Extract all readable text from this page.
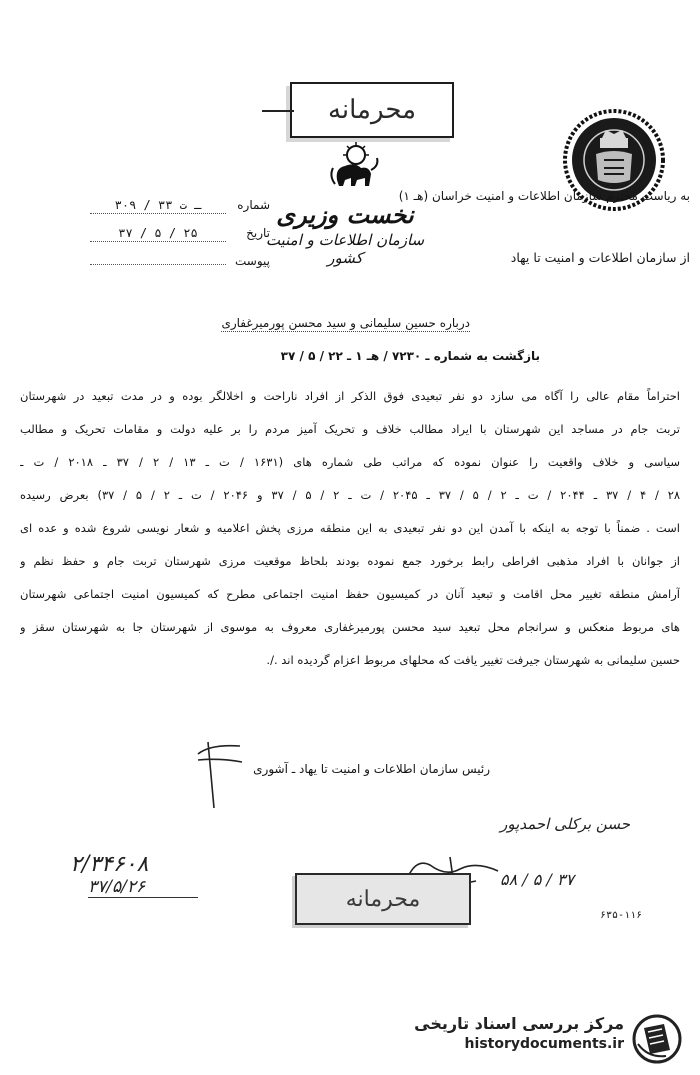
محرمانه
به ریاست محترم سازمان اطلاعات و امنیت خراسان (هـ ۱)
از سازمان اطلاعات و امنیت تا یهاد
نخست وزیری
سازمان اطلاعات و امنیت کشور
شماره
۳۰۹ / ۳۳ ـ ت
تاریخ
۳۷ / ۵ / ۲۵
پیوست
درباره حسین سلیمانی و سید محسن پورمیرغفاری
بازگشت به شماره ـ ۷۲۳۰ / هـ ۱ ـ ۲۲ / ۵ / ۳۷
احتراماً مقام عالی را آگاه می سازد دو نفر تبعیدی فوق الذکر از افراد ناراحت و اخلالگر بوده و در مدت تبعید در شهرستان
تربت جام در مساجد این شهرستان با ایراد مطالب خلاف و تحریک آمیز مردم را بر علیه دولت و مقامات تحریک و مطالب
سیاسی و خلاف واقعیت را عنوان نموده که مراتب طی شماره های (۱۶۳۱ / ت ـ ۱۳ / ۲ / ۳۷ ـ ۲۰۱۸ / ت ـ
۲۸ / ۴ / ۳۷ ـ ۲۰۴۴ / ت ـ ۲ / ۵ / ۳۷ ـ ۲۰۴۵ / ت ـ ۲ / ۵ / ۳۷ و ۲۰۴۶ / ت ـ ۲ / ۵ / ۳۷) بعرض رسیده
است . ضمناً با توجه به اینکه با آمدن این دو نفر تبعیدی به این منطقه مرزی پخش اعلامیه و شعار نویسی شروع شده و عده ای
از جوانان با افراد مذهبی افراطی رابط برخورد جمع نموده بودند بلحاظ موقعیت مرزی شهرستان تربت جام و حفظ نظم و
آرامش منطقه تغییر محل اقامت و تبعید آنان در کمیسیون حفظ امنیت اجتماعی مطرح که کمیسیون امنیت اجتماعی شهرستان
های مربوط منعکس و سرانجام محل تبعید سید محسن پورمیرغفاری معروف به موسوی از شهرستان جا به شهرستان سقز و
حسین سلیمانی به شهرستان جیرفت تغییر یافت که محلهای مربوط اعزام گردیده اند ./.
رئیس سازمان اطلاعات و امنیت تا یهاد ـ آشوری
حسن برکلی احمدپور
۵۸ / ۵ / ۳۷
۲/۳۴۶۰۸
۳۷/۵/۲۶	محرمانه
۶۳۵-۱۱۶
مرکز بررسی اسناد تاریخی
historydocuments.ir
